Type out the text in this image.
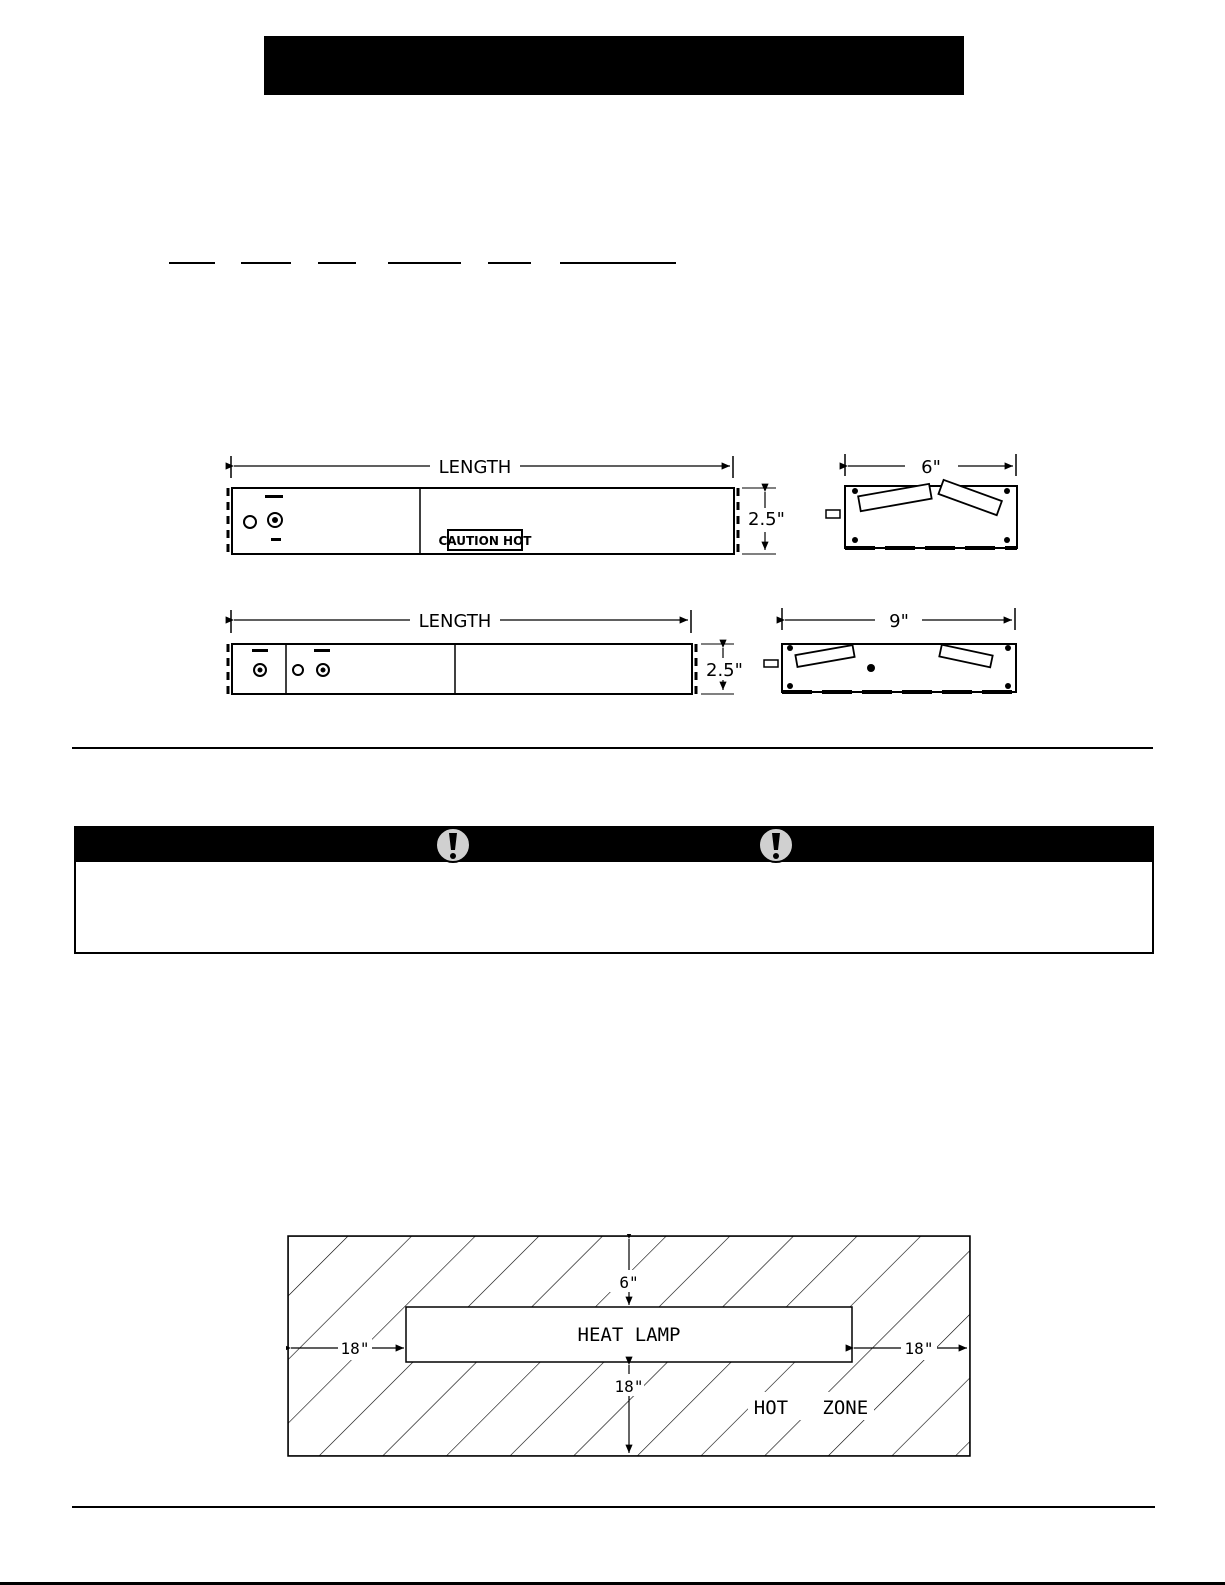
LENGTH
CAUTION HOT
2.5"
6"
LENGTH
2.5"
9"
HEAT LAMP
6"
18"
18"	18"
HOT   ZONE
